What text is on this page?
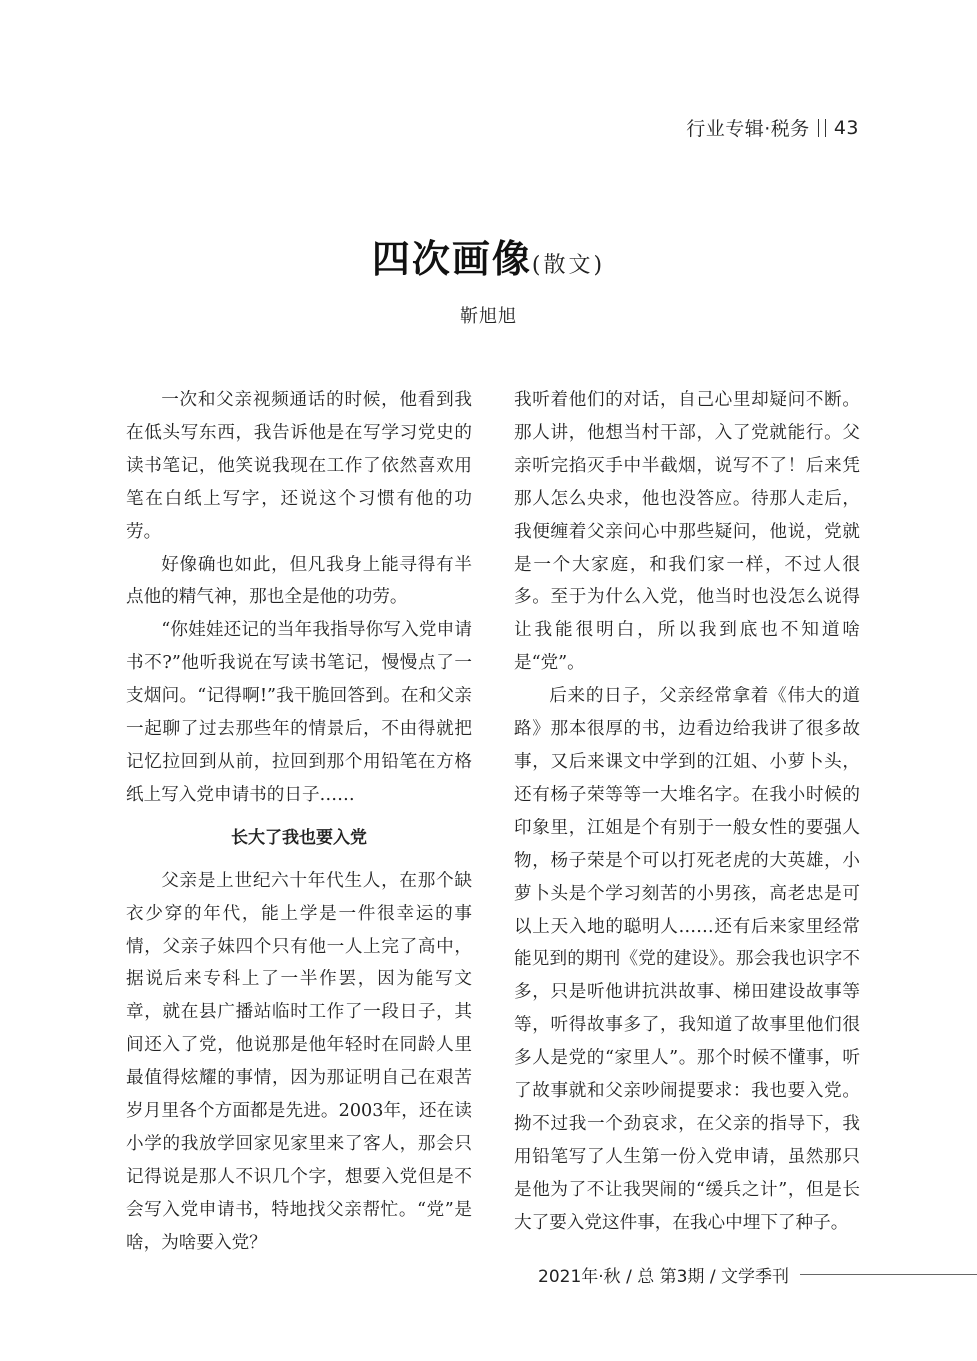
行业专辑·税务 43
四次画像(散文)
靳旭旭

一次和父亲视频通话的时候，他看到我在低头写东西，我告诉他是在写学习党史的读书笔记，他笑说我现在工作了依然喜欢用笔在白纸上写字，还说这个习惯有他的功劳。

好像确也如此，但凡我身上能寻得有半点他的精气神，那也全是他的功劳。

“你娃娃还记的当年我指导你写入党申请书不?”他听我说在写读书笔记，慢慢点了一支烟问。“记得啊!”我干脆回答到。在和父亲一起聊了过去那些年的情景后，不由得就把记忆拉回到从前，拉回到那个用铅笔在方格纸上写入党申请书的日子……

长大了我也要入党

父亲是上世纪六十年代生人，在那个缺衣少穿的年代，能上学是一件很幸运的事情，父亲子妹四个只有他一人上完了高中，据说后来专科上了一半作罢，因为能写文章，就在县广播站临时工作了一段日子，其间还入了党，他说那是他年轻时在同龄人里最值得炫耀的事情，因为那证明自己在艰苦岁月里各个方面都是先进。2003年，还在读小学的我放学回家见家里来了客人，那会只记得说是那人不识几个字，想要入党但是不会写入党申请书，特地找父亲帮忙。“党”是啥，为啥要入党？

我听着他们的对话，自己心里却疑问不断。那人讲，他想当村干部，入了党就能行。父亲听完掐灭手中半截烟，说写不了！后来凭那人怎么央求，他也没答应。待那人走后，我便缠着父亲问心中那些疑问，他说，党就是一个大家庭，和我们家一样，不过人很多。至于为什么入党，他当时也没怎么说得让我能很明白，所以我到底也不知道啥是“党”。

后来的日子，父亲经常拿着《伟大的道路》那本很厚的书，边看边给我讲了很多故事，又后来课文中学到的江姐、小萝卜头，还有杨子荣等等一大堆名字。在我小时候的印象里，江姐是个有别于一般女性的要强人物，杨子荣是个可以打死老虎的大英雄，小萝卜头是个学习刻苦的小男孩，高老忠是可以上天入地的聪明人……还有后来家里经常能见到的期刊《党的建设》。那会我也识字不多，只是听他讲抗洪故事、梯田建设故事等等，听得故事多了，我知道了故事里他们很多人是党的“家里人”。那个时候不懂事，听了故事就和父亲吵闹提要求：我也要入党。拗不过我一个劲哀求，在父亲的指导下，我用铅笔写了人生第一份入党申请，虽然那只是他为了不让我哭闹的“缓兵之计”，但是长大了要入党这件事，在我心中埋下了种子。

2021年·秋 / 总 第3期 / 文学季刊
